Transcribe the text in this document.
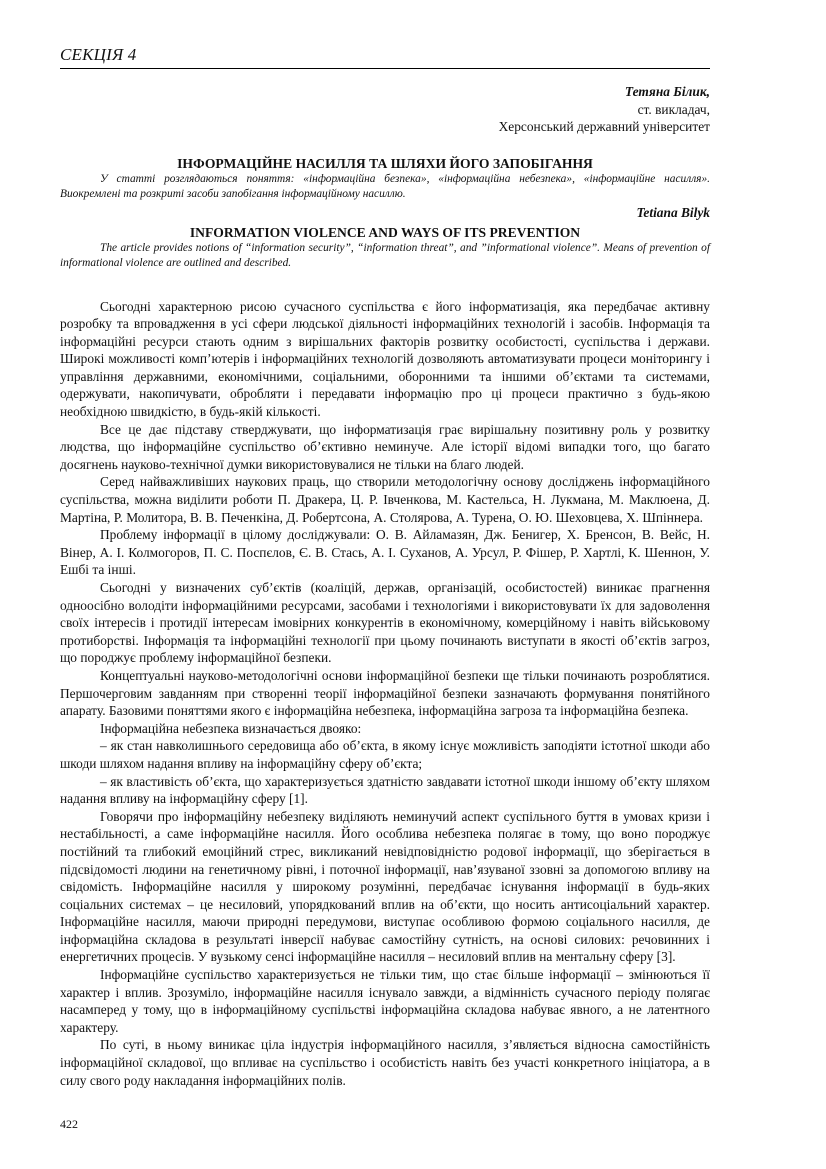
СЕКЦІЯ 4
Тетяна Білик,
ст. викладач,
Херсонський державний університет
ІНФОРМАЦІЙНЕ НАСИЛЛЯ ТА ШЛЯХИ ЙОГО ЗАПОБІГАННЯ
У статті розглядаються поняття: «інформаційна безпека», «інформаційна небезпека», «інформаційне насилля». Виокремлені та розкриті засоби запобігання інформаційному насиллю.
Tetiana Bilyk
INFORMATION VIOLENCE AND WAYS OF ITS PREVENTION
The article provides notions of “information security”, “information threat”, and ”informational violence”. Means of prevention of informational violence are outlined and described.

Сьогодні характерною рисою сучасного суспільства є його інформатизація, яка передбачає активну розробку та впровадження в усі сфери людської діяльності інформаційних технологій і засобів. Інформація та інформаційні ресурси стають одним з вирішальних факторів розвитку особистості, суспільства і держави. Широкі можливості комп’ютерів і інформаційних технологій дозволяють автоматизувати процеси моніторингу і управління державними, економічними, соціальними, оборонними та іншими об’єктами та системами, одержувати, накопичувати, обробляти і передавати інформацію про ці процеси практично з будь-якою необхідною швидкістю, в будь-якій кількості.

Все це дає підставу стверджувати, що інформатизація грає вирішальну позитивну роль у розвитку людства, що інформаційне суспільство об’єктивно неминуче. Але історії відомі випадки того, що багато досягнень науково-технічної думки використовувалися не тільки на благо людей.

Серед найважливіших наукових праць, що створили методологічну основу досліджень інформаційного суспільства, можна виділити роботи П. Дракера, Ц. Р. Івченкова, М. Кастельса, Н. Лукмана, М. Маклюена, Д. Мартіна, Р. Молитора, В. В. Печенкіна, Д. Робертсона, А. Столярова, А. Турена, О. Ю. Шеховцева, Х. Шпіннера.

Проблему інформації в цілому досліджували: О. В. Айламазян, Дж. Бенигер, Х. Бренсон, В. Вейс, Н. Вінер, А. І. Колмогоров, П. С. Поспєлов, Є. В. Стась, А. І. Суханов, А. Урсул, Р. Фішер, Р. Хартлі, К. Шеннон, У. Ешбі та інші.

Сьогодні у визначених суб’єктів (коаліцій, держав, організацій, особистостей) виникає прагнення одноосібно володіти інформаційними ресурсами, засобами і технологіями і використовувати їх для задоволення своїх інтересів і протидії інтересам імовірних конкурентів в економічному, комерційному і навіть військовому протиборстві. Інформація та інформаційні технології при цьому починають виступати в якості об’єктів загроз, що породжує проблему інформаційної безпеки.

Концептуальні науково-методологічні основи інформаційної безпеки ще тільки починають розроблятися. Першочерговим завданням при створенні теорії інформаційної безпеки зазначають формування понятійного апарату. Базовими поняттями якого є інформаційна небезпека, інформаційна загроза та інформаційна безпека.

Інформаційна небезпека визначається двояко:

– як стан навколишнього середовища або об’єкта, в якому існує можливість заподіяти істотної шкоди або шкоди шляхом надання впливу на інформаційну сферу об’єкта;

– як властивість об’єкта, що характеризується здатністю завдавати істотної шкоди іншому об’єкту шляхом надання впливу на інформаційну сферу [1].

Говорячи про інформаційну небезпеку виділяють неминучий аспект суспільного буття в умовах кризи і нестабільності, а саме інформаційне насилля. Його особлива небезпека полягає в тому, що воно породжує постійний та глибокий емоційний стрес, викликаний невідповідністю родової інформації, що зберігається в підсвідомості людини на генетичному рівні, і поточної інформації, нав’язуваної ззовні за допомогою впливу на свідомість. Інформаційне насилля у широкому розумінні, передбачає існування інформації в будь-яких соціальних системах – це несиловий, упорядкований вплив на об’єкти, що носить антисоціальний характер. Інформаційне насилля, маючи природні передумови, виступає особливою формою соціального насилля, де інформаційна складова в результаті інверсії набуває самостійну сутність, на основі силових: речовинних і енергетичних процесів. У вузькому сенсі інформаційне насилля – несиловий вплив на ментальну сферу [3].

Інформаційне суспільство характеризується не тільки тим, що стає більше інформації – змінюються її характер і вплив. Зрозуміло, інформаційне насилля існувало завжди, а відмінність сучасного періоду полягає насамперед у тому, що в інформаційному суспільстві інформаційна складова набуває явного, а не латентного характеру.

По суті, в ньому виникає ціла індустрія інформаційного насилля, з’являється відносна самостійність інформаційної складової, що впливає на суспільство і особистість навіть без участі конкретного ініціатора, а в силу свого роду накладання інформаційних полів.

422
